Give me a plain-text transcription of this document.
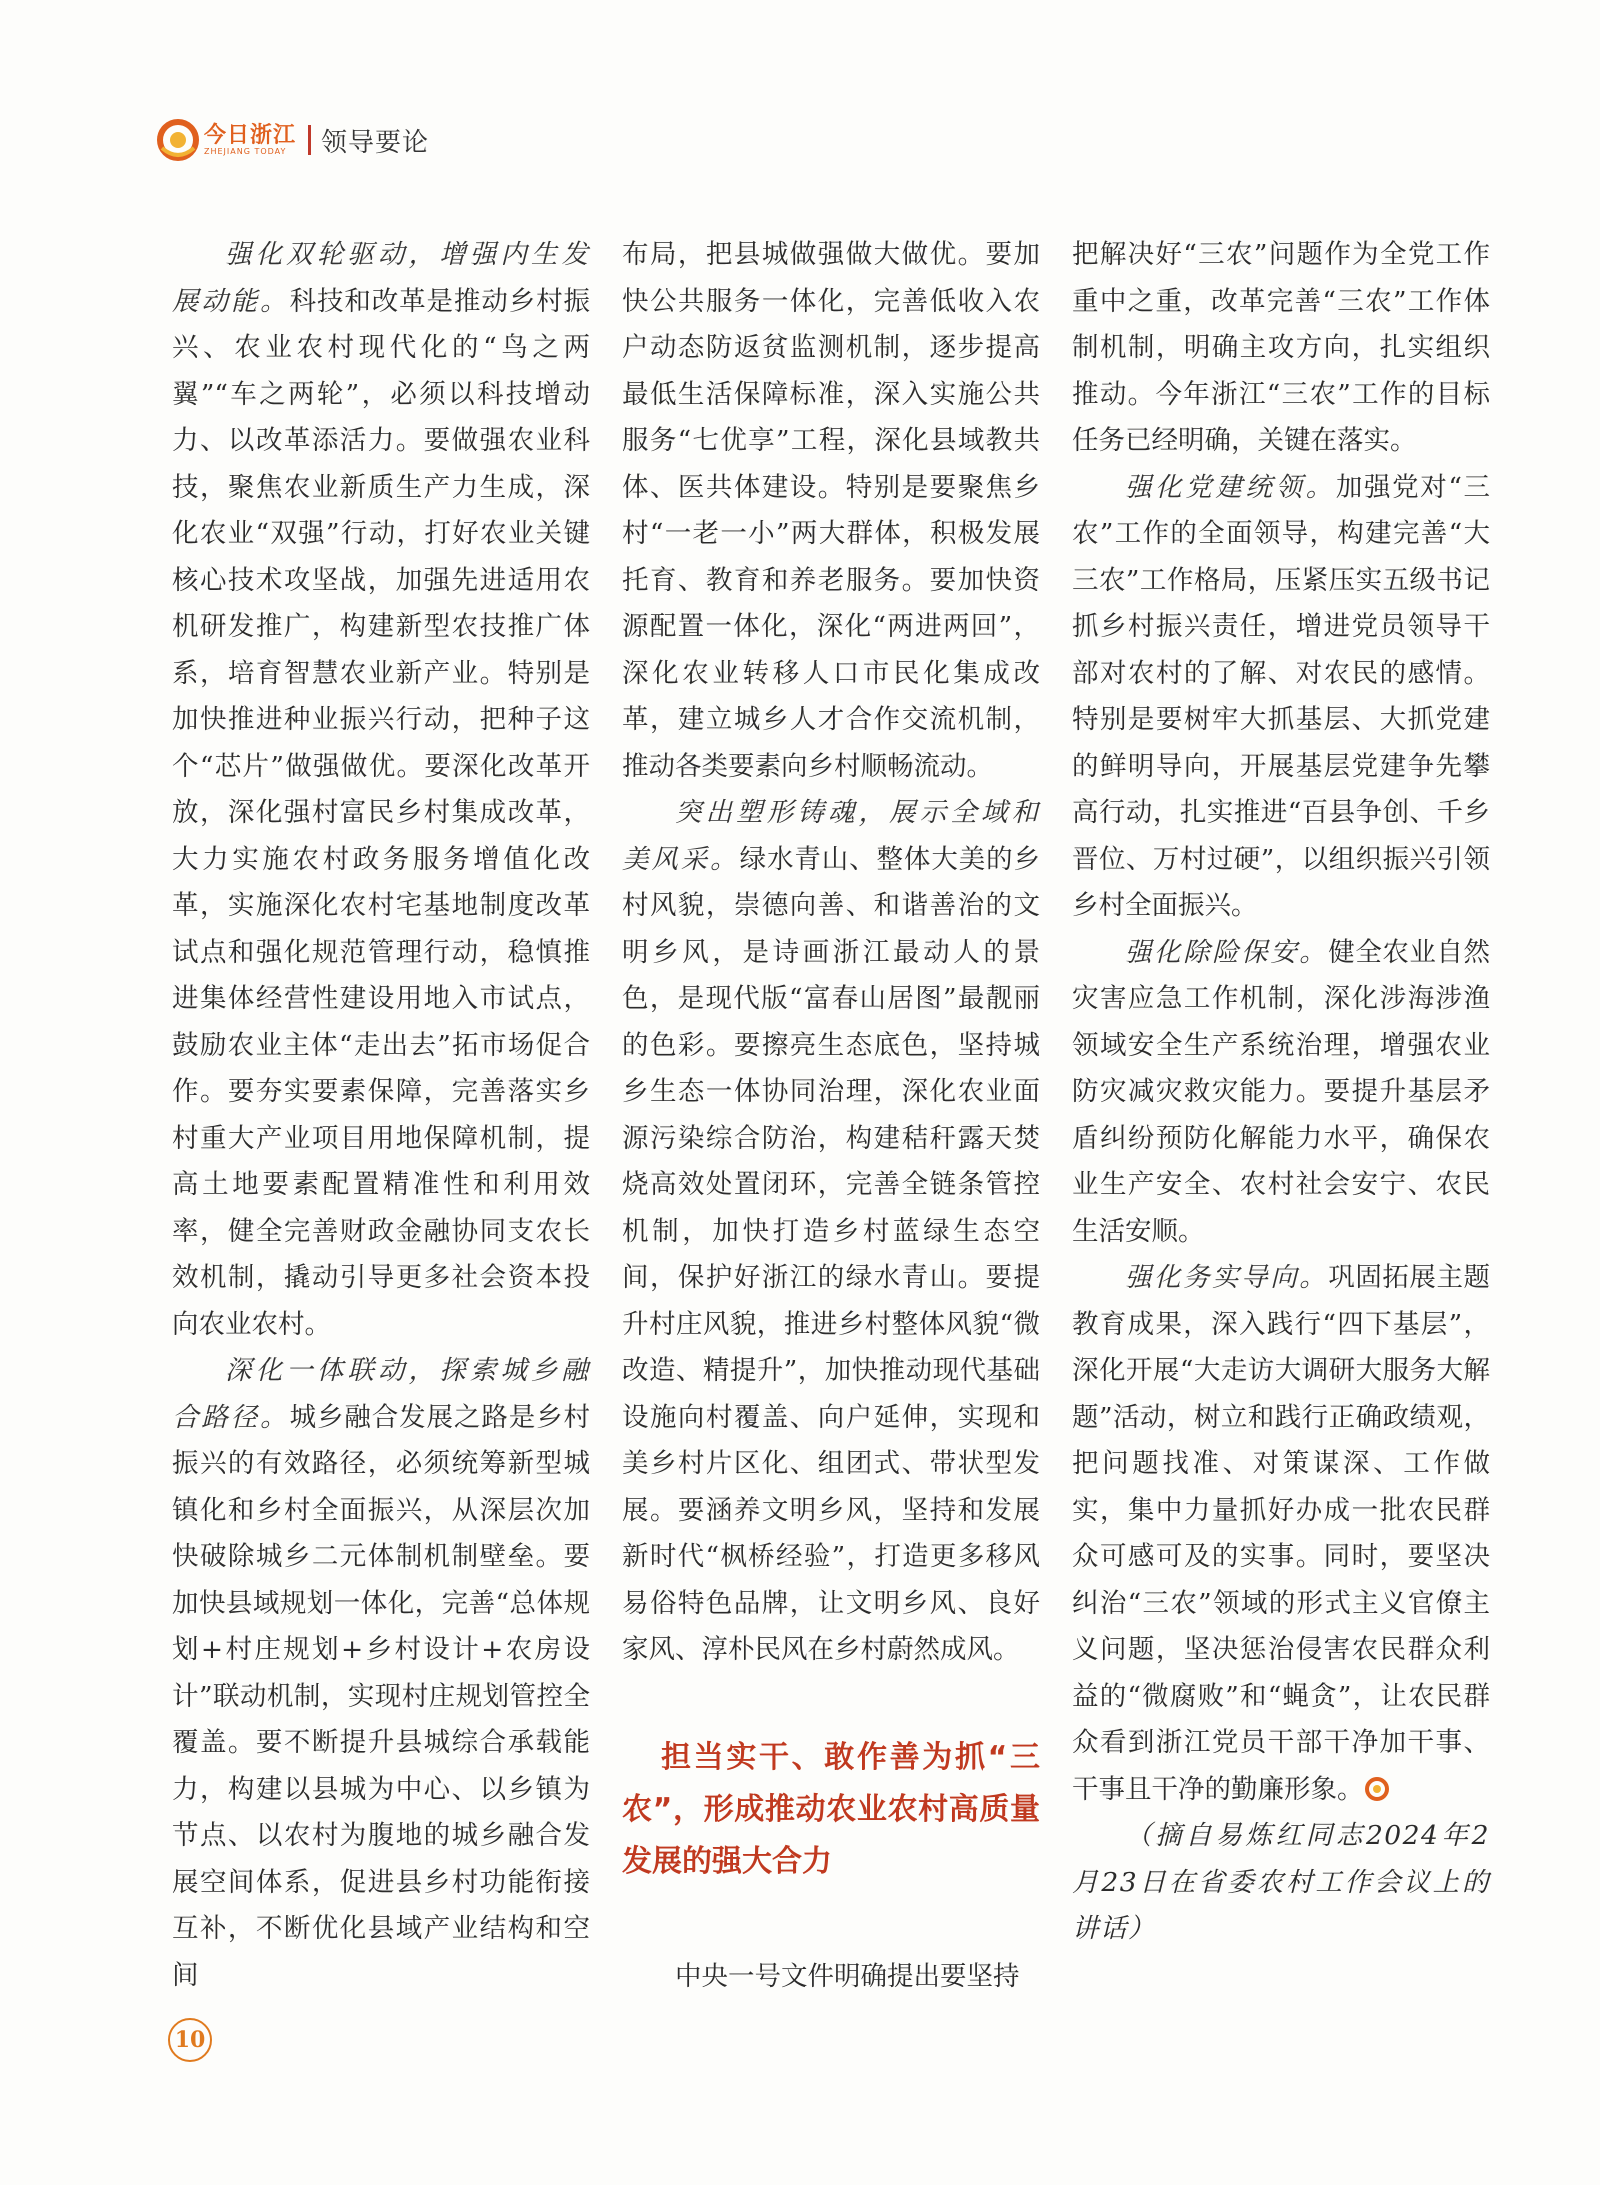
今日浙江
ZHEJIANG TODAY	领导要论

强化双轮驱动，增强内生发展动能。科技和改革是推动乡村振兴、农业农村现代化的“鸟之两翼”“车之两轮”，必须以科技增动力、以改革添活力。要做强农业科技，聚焦农业新质生产力生成，深化农业“双强”行动，打好农业关键核心技术攻坚战，加强先进适用农机研发推广，构建新型农技推广体系，培育智慧农业新产业。特别是加快推进种业振兴行动，把种子这个“芯片”做强做优。要深化改革开放，深化强村富民乡村集成改革，大力实施农村政务服务增值化改革，实施深化农村宅基地制度改革试点和强化规范管理行动，稳慎推进集体经营性建设用地入市试点，鼓励农业主体“走出去”拓市场促合作。要夯实要素保障，完善落实乡村重大产业项目用地保障机制，提高土地要素配置精准性和利用效率，健全完善财政金融协同支农长效机制，撬动引导更多社会资本投向农业农村。

深化一体联动，探索城乡融合路径。城乡融合发展之路是乡村振兴的有效路径，必须统筹新型城镇化和乡村全面振兴，从深层次加快破除城乡二元体制机制壁垒。要加快县域规划一体化，完善“总体规划+村庄规划+乡村设计+农房设计”联动机制，实现村庄规划管控全覆盖。要不断提升县城综合承载能力，构建以县城为中心、以乡镇为节点、以农村为腹地的城乡融合发展空间体系，促进县乡村功能衔接互补，不断优化县域产业结构和空间

布局，把县城做强做大做优。要加快公共服务一体化，完善低收入农户动态防返贫监测机制，逐步提高最低生活保障标准，深入实施公共服务“七优享”工程，深化县域教共体、医共体建设。特别是要聚焦乡村“一老一小”两大群体，积极发展托育、教育和养老服务。要加快资源配置一体化，深化“两进两回”，深化农业转移人口市民化集成改革，建立城乡人才合作交流机制，推动各类要素向乡村顺畅流动。

突出塑形铸魂，展示全域和美风采。绿水青山、整体大美的乡村风貌，崇德向善、和谐善治的文明乡风，是诗画浙江最动人的景色，是现代版“富春山居图”最靓丽的色彩。要擦亮生态底色，坚持城乡生态一体协同治理，深化农业面源污染综合防治，构建秸秆露天焚烧高效处置闭环，完善全链条管控机制，加快打造乡村蓝绿生态空间，保护好浙江的绿水青山。要提升村庄风貌，推进乡村整体风貌“微改造、精提升”，加快推动现代基础设施向村覆盖、向户延伸，实现和美乡村片区化、组团式、带状型发展。要涵养文明乡风，坚持和发展新时代“枫桥经验”，打造更多移风易俗特色品牌，让文明乡风、良好家风、淳朴民风在乡村蔚然成风。

担当实干、敢作善为抓“三农”，形成推动农业农村高质量发展的强大合力

中央一号文件明确提出要坚持

把解决好“三农”问题作为全党工作重中之重，改革完善“三农”工作体制机制，明确主攻方向，扎实组织推动。今年浙江“三农”工作的目标任务已经明确，关键在落实。

强化党建统领。加强党对“三农”工作的全面领导，构建完善“大三农”工作格局，压紧压实五级书记抓乡村振兴责任，增进党员领导干部对农村的了解、对农民的感情。特别是要树牢大抓基层、大抓党建的鲜明导向，开展基层党建争先攀高行动，扎实推进“百县争创、千乡晋位、万村过硬”，以组织振兴引领乡村全面振兴。

强化除险保安。健全农业自然灾害应急工作机制，深化涉海涉渔领域安全生产系统治理，增强农业防灾减灾救灾能力。要提升基层矛盾纠纷预防化解能力水平，确保农业生产安全、农村社会安宁、农民生活安顺。

强化务实导向。巩固拓展主题教育成果，深入践行“四下基层”，深化开展“大走访大调研大服务大解题”活动，树立和践行正确政绩观，把问题找准、对策谋深、工作做实，集中力量抓好办成一批农民群众可感可及的实事。同时，要坚决纠治“三农”领域的形式主义官僚主义问题，坚决惩治侵害农民群众利益的“微腐败”和“蝇贪”，让农民群众看到浙江党员干部干净加干事、干事且干净的勤廉形象。

（摘自易炼红同志2024年2月23日在省委农村工作会议上的讲话）

10
